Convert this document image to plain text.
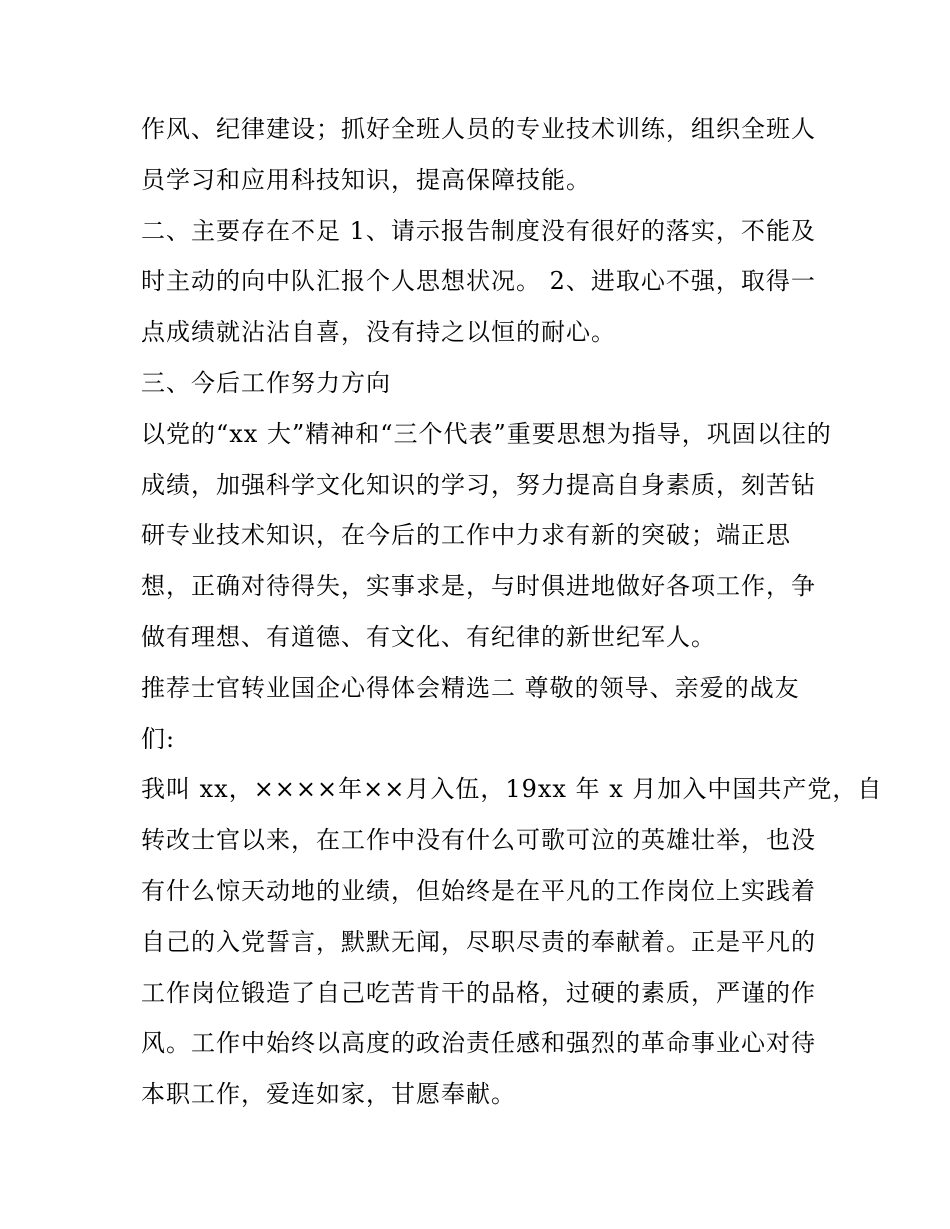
作风、纪律建设；抓好全班人员的专业技术训练，组织全班人

员学习和应用科技知识，提高保障技能。

二、主要存在不足 1、请示报告制度没有很好的落实，不能及

时主动的向中队汇报个人思想状况。 2、进取心不强，取得一

点成绩就沾沾自喜，没有持之以恒的耐心。

三、今后工作努力方向

以党的“xx 大”精神和“三个代表”重要思想为指导，巩固以往的

成绩，加强科学文化知识的学习，努力提高自身素质，刻苦钻

研专业技术知识，在今后的工作中力求有新的突破；端正思

想，正确对待得失，实事求是，与时俱进地做好各项工作，争

做有理想、有道德、有文化、有纪律的新世纪军人。

推荐士官转业国企心得体会精选二 尊敬的领导、亲爱的战友

们:

我叫 xx，××××年××月入伍，19xx 年 x 月加入中国共产党，自

转改士官以来，在工作中没有什么可歌可泣的英雄壮举，也没

有什么惊天动地的业绩，但始终是在平凡的工作岗位上实践着

自己的入党誓言，默默无闻，尽职尽责的奉献着。正是平凡的

工作岗位锻造了自己吃苦肯干的品格，过硬的素质，严谨的作

风。工作中始终以高度的政治责任感和强烈的革命事业心对待

本职工作，爱连如家，甘愿奉献。
